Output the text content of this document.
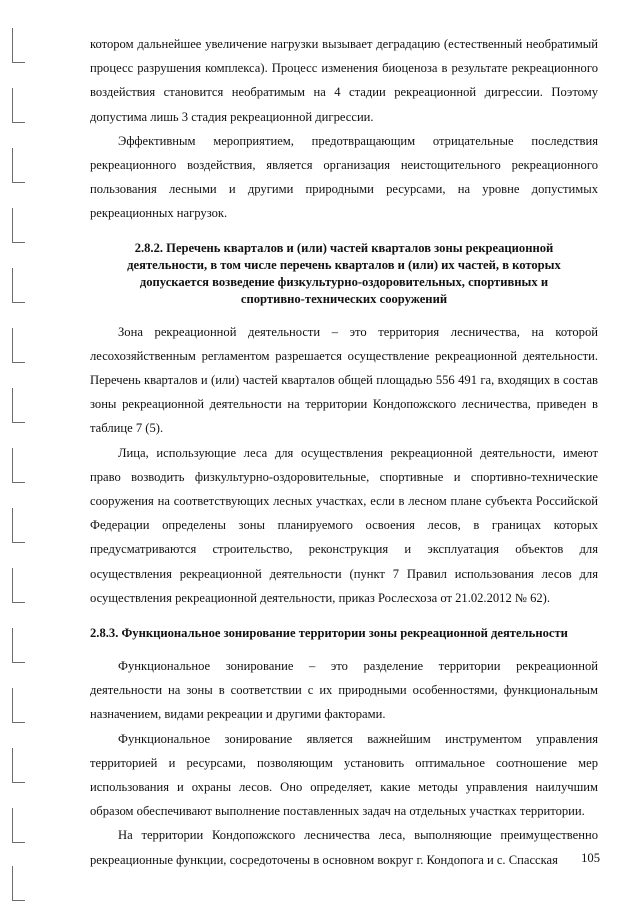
котором дальнейшее увеличение нагрузки вызывает деградацию (естественный необратимый процесс разрушения комплекса). Процесс изменения биоценоза в результате рекреационного воздействия становится необратимым на 4 стадии рекреационной дигрессии. Поэтому допустима лишь 3 стадия рекреационной дигрессии.

Эффективным мероприятием, предотвращающим отрицательные последствия рекреационного воздействия, является организация неистощительного рекреационного пользования лесными и другими природными ресурсами, на уровне допустимых рекреационных нагрузок.

2.8.2. Перечень кварталов и (или) частей кварталов зоны рекреационной деятельности, в том числе перечень кварталов и (или) их частей, в которых допускается возведение физкультурно-оздоровительных, спортивных и спортивно-технических сооружений

Зона рекреационной деятельности – это территория лесничества, на которой лесохозяйственным регламентом разрешается осуществление рекреационной деятельности. Перечень кварталов и (или) частей кварталов общей площадью 556 491 га, входящих в состав зоны рекреационной деятельности на территории Кондопожского лесничества, приведен в таблице 7 (5).

Лица, использующие леса для осуществления рекреационной деятельности, имеют право возводить физкультурно-оздоровительные, спортивные и спортивно-технические сооружения на соответствующих лесных участках, если в лесном плане субъекта Российской Федерации определены зоны планируемого освоения лесов, в границах которых предусматриваются строительство, реконструкция и эксплуатация объектов для осуществления рекреационной деятельности (пункт 7 Правил использования лесов для осуществления рекреационной деятельности, приказ Рослесхоза от 21.02.2012 № 62).

2.8.3. Функциональное зонирование территории зоны рекреационной деятельности

Функциональное зонирование – это разделение территории рекреационной деятельности на зоны в соответствии с их природными особенностями, функциональным назначением, видами рекреации и другими факторами.

Функциональное зонирование является важнейшим инструментом управления территорией и ресурсами, позволяющим установить оптимальное соотношение мер использования и охраны лесов. Оно определяет, какие методы управления наилучшим образом обеспечивают выполнение поставленных задач на отдельных участках территории.

На территории Кондопожского лесничества леса, выполняющие преимущественно рекреационные функции, сосредоточены в основном вокруг г. Кондопога и с. Спасская	105
